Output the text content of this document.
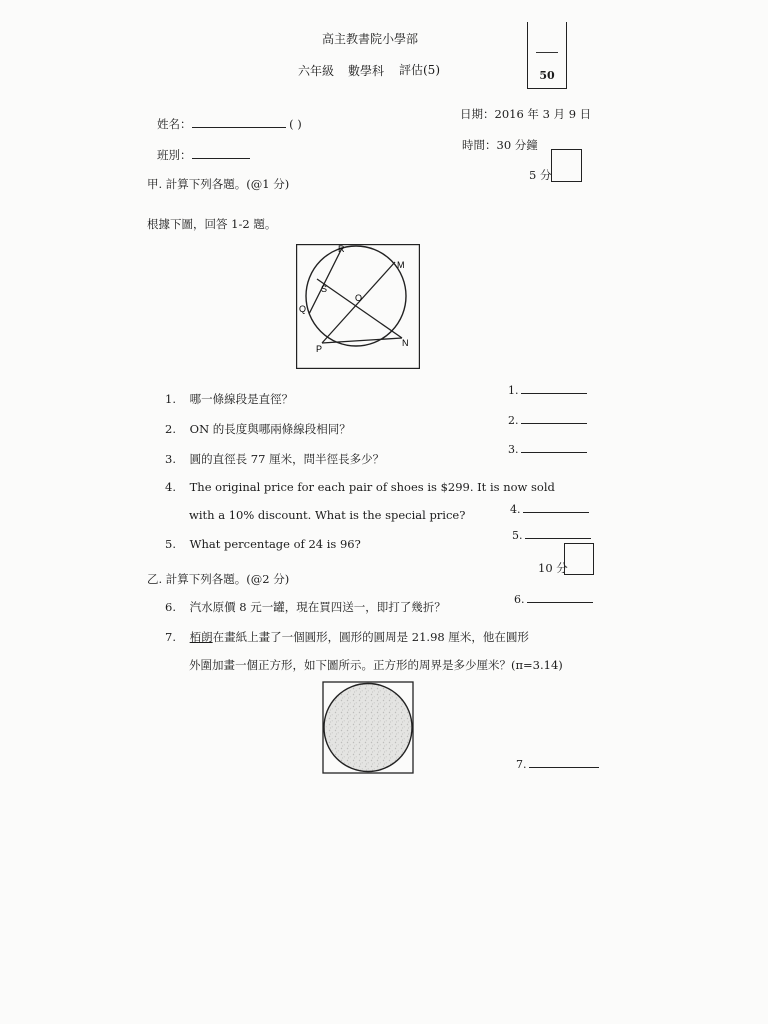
高主教書院小學部
六年級 數學科 評估(5)	50
姓名：	( )
班別：
日期：2016 年 3 月 9 日
時間：30 分鐘
5 分
甲. 計算下列各題。(@1 分)
根據下圖，回答 1-2 題。
R
M
S
O
Q
P
N
1. 哪一條線段是直徑？
2. ON 的長度與哪兩條線段相同？
3. 圓的直徑長 77 厘米，問半徑長多少？
4. The original price for each pair of shoes is $299. It is now sold
with a 10% discount. What is the special price?
5. What percentage of 24 is 96?
1.
2.
3.
4.
5.
10 分
乙. 計算下列各題。(@2 分)
6. 汽水原價 8 元一罐，現在買四送一，即打了幾折？
6.
7. 栢朗在畫紙上畫了一個圓形，圓形的圓周是 21.98 厘米，他在圓形
外圍加畫一個正方形，如下圖所示。正方形的周界是多少厘米？(π=3.14)
7.
